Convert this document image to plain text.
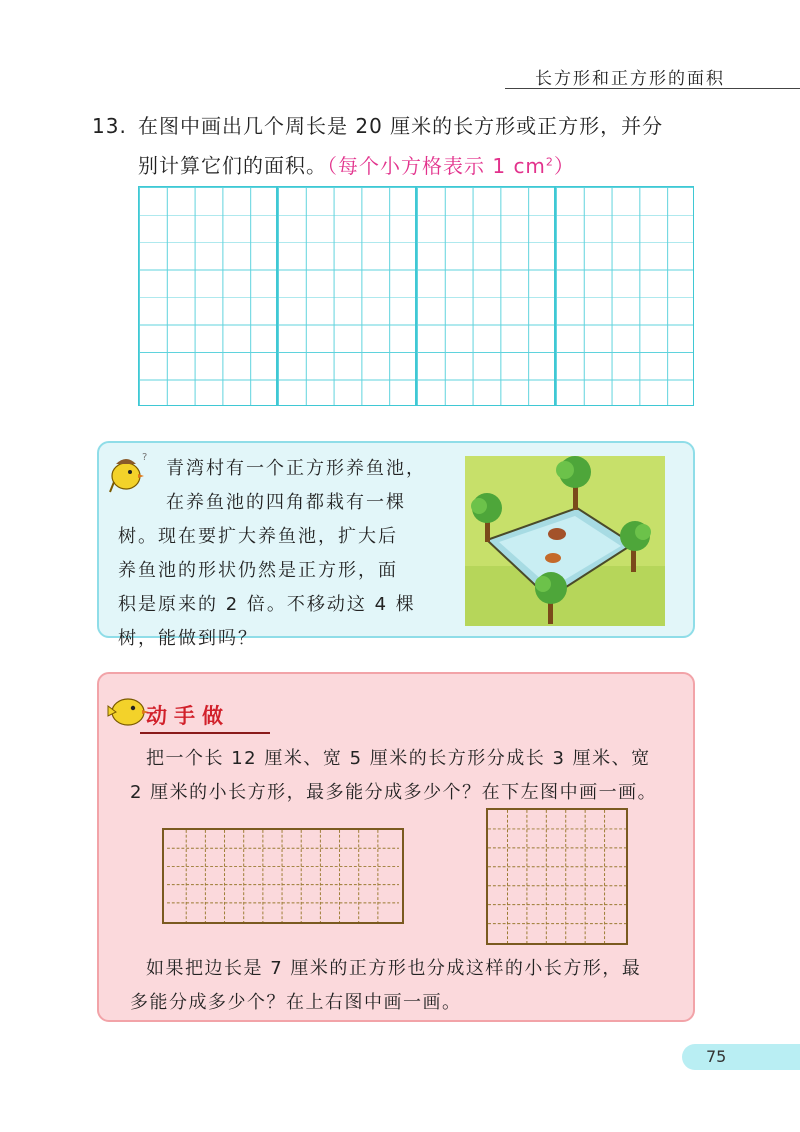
长方形和正方形的面积
13. 在图中画出几个周长是 20 厘米的长方形或正方形，并分
别计算它们的面积。（每个小方格表示 1 $cm^2$）
?
青湾村有一个正方形养鱼池，
在养鱼池的四角都栽有一棵
树。现在要扩大养鱼池，扩大后
养鱼池的形状仍然是正方形，面
积是原来的 2 倍。不移动这 4 棵
树，能做到吗？
动手做
把一个长 12 厘米、宽 5 厘米的长方形分成长 3 厘米、宽
2 厘米的小长方形，最多能分成多少个？在下左图中画一画。
如果把边长是 7 厘米的正方形也分成这样的小长方形，最
多能分成多少个？在上右图中画一画。
75
